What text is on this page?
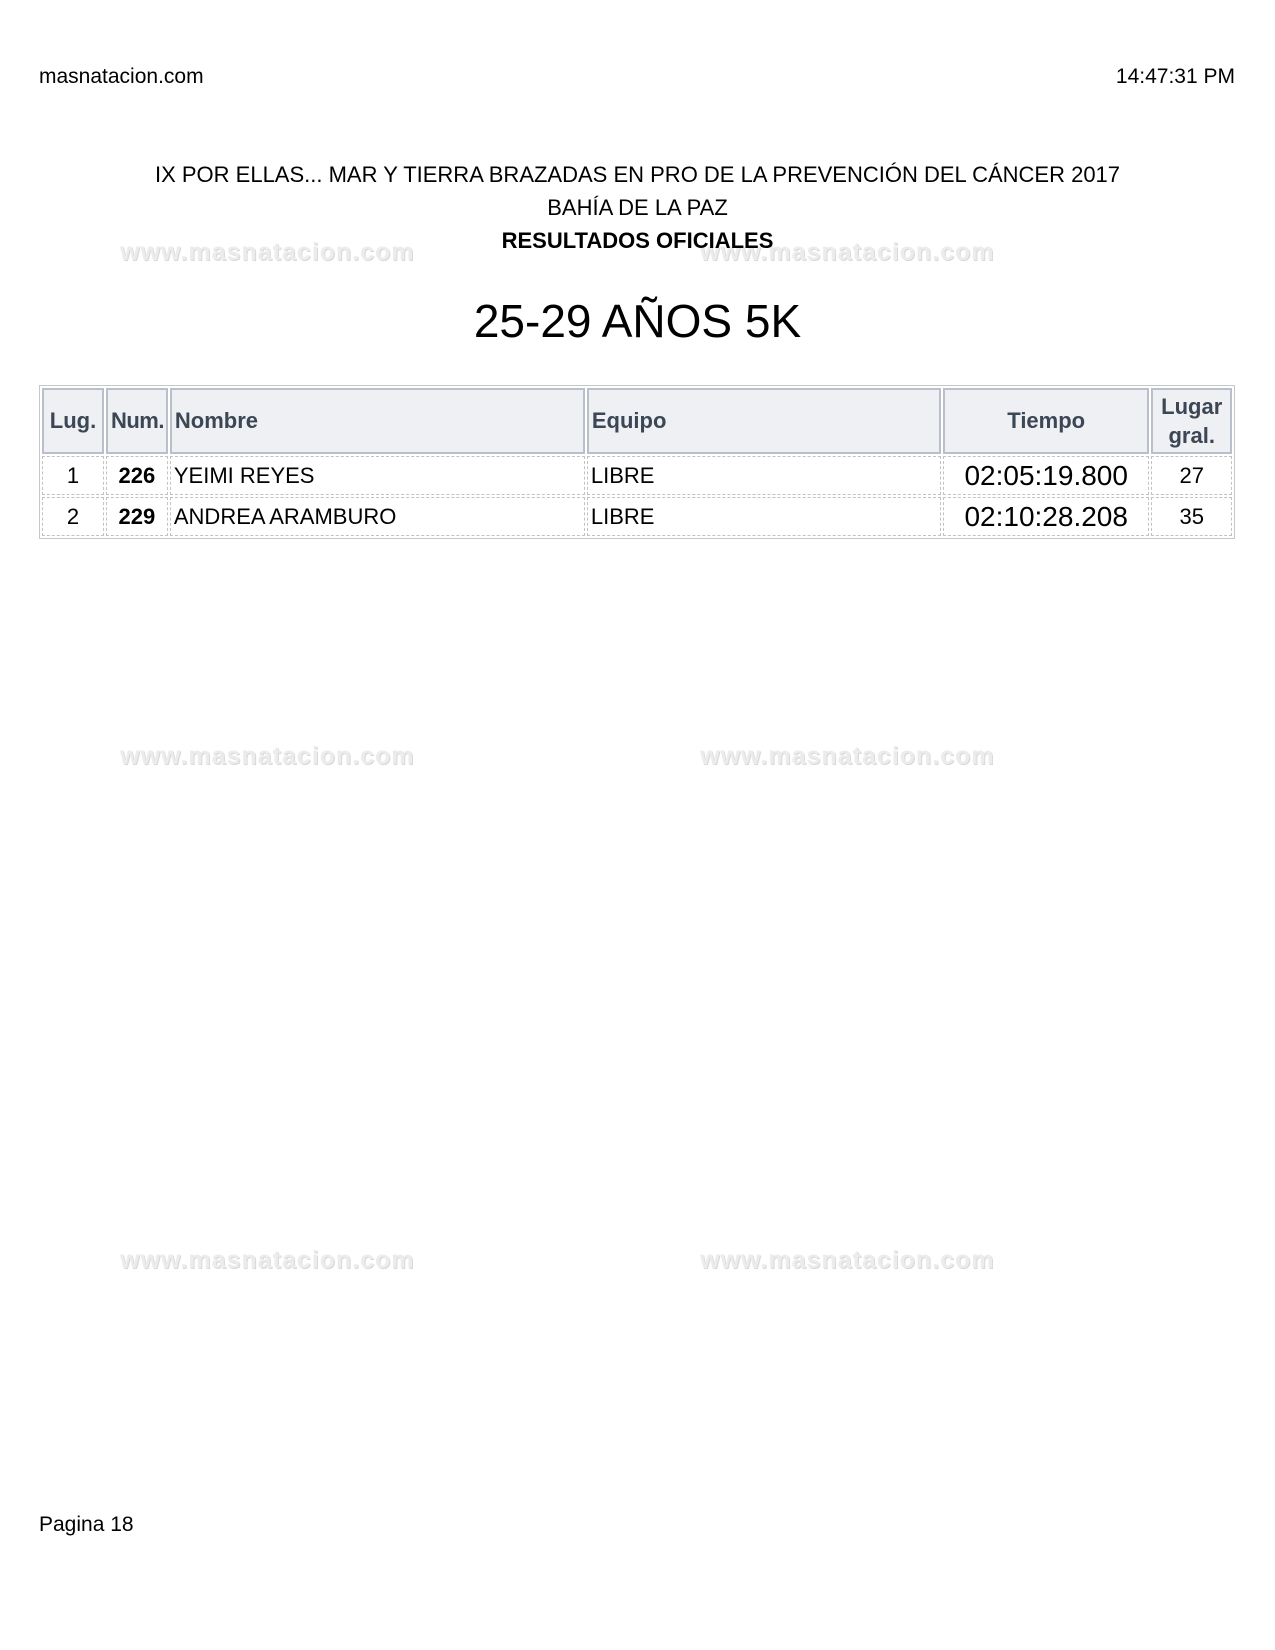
masnatacion.com	14:47:31 PM
www.masnatacion.com	www.masnatacion.com
www.masnatacion.com	www.masnatacion.com
www.masnatacion.com	www.masnatacion.com
IX POR ELLAS... MAR Y TIERRA BRAZADAS EN PRO DE LA PREVENCIÓN DEL CÁNCER 2017
BAHÍA DE LA PAZ
RESULTADOS OFICIALES
25-29 AÑOS 5K
Lug.	Num.	Nombre	Equipo	Tiempo	Lugar
gral.
1	226	YEIMI REYES	LIBRE	02:05:19.800	27
2	229	ANDREA ARAMBURO	LIBRE	02:10:28.208	35
Pagina 18
